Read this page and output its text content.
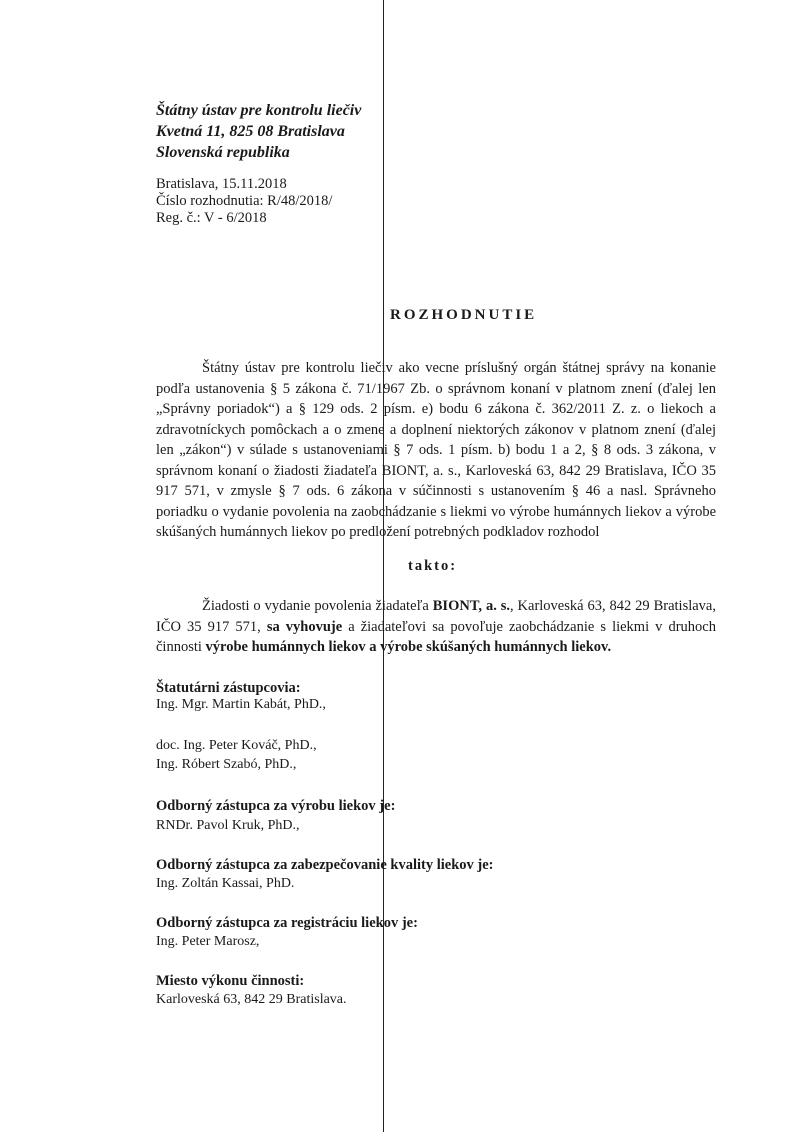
Štátny ústav pre kontrolu liečiv
Kvetná 11, 825 08 Bratislava
Slovenská republika
Bratislava, 15.11.2018
Číslo rozhodnutia: R/48/2018/
Reg. č.: V - 6/2018
ROZHODNUTIE
Štátny ústav pre kontrolu liečiv ako vecne príslušný orgán štátnej správy na konanie podľa ustanovenia § 5 zákona č. 71/1967 Zb. o správnom konaní v platnom znení (ďalej len „Správny poriadok“) a § 129 ods. 2 písm. e) bodu 6 zákona č. 362/2011 Z. z. o liekoch a zdravotníckych pomôckach a o zmene a doplnení niektorých zákonov v platnom znení (ďalej len „zákon“) v súlade s ustanoveniami § 7 ods. 1 písm. b) bodu 1 a 2, § 8 ods. 3 zákona, v správnom konaní o žiadosti žiadateľa BIONT, a. s., Karloveská 63, 842 29 Bratislava, IČO 35 917 571, v zmysle § 7 ods. 6 zákona v súčinnosti s ustanovením § 46 a nasl. Správneho poriadku o vydanie povolenia na zaobchádzanie s liekmi vo výrobe humánnych liekov a výrobe skúšaných humánnych liekov po predložení potrebných podkladov rozhodol
takto:
Žiadosti o vydanie povolenia žiadateľa BIONT, a. s., Karloveská 63, 842 29 Bratislava, IČO 35 917 571, sa vyhovuje a žiadateľovi sa povoľuje zaobchádzanie s liekmi v druhoch činnosti výrobe humánnych liekov a výrobe skúšaných humánnych liekov.
Štatutárni zástupcovia:
Ing. Mgr. Martin Kabát, PhD.,
doc. Ing. Peter Kováč, PhD.,
Ing. Róbert Szabó, PhD.,
Odborný zástupca za výrobu liekov je:
RNDr. Pavol Kruk, PhD.,
Odborný zástupca za zabezpečovanie kvality liekov je:
Ing. Zoltán Kassai, PhD.
Odborný zástupca za registráciu liekov je:
Ing. Peter Marosz,
Miesto výkonu činnosti:
Karloveská 63, 842 29 Bratislava.
